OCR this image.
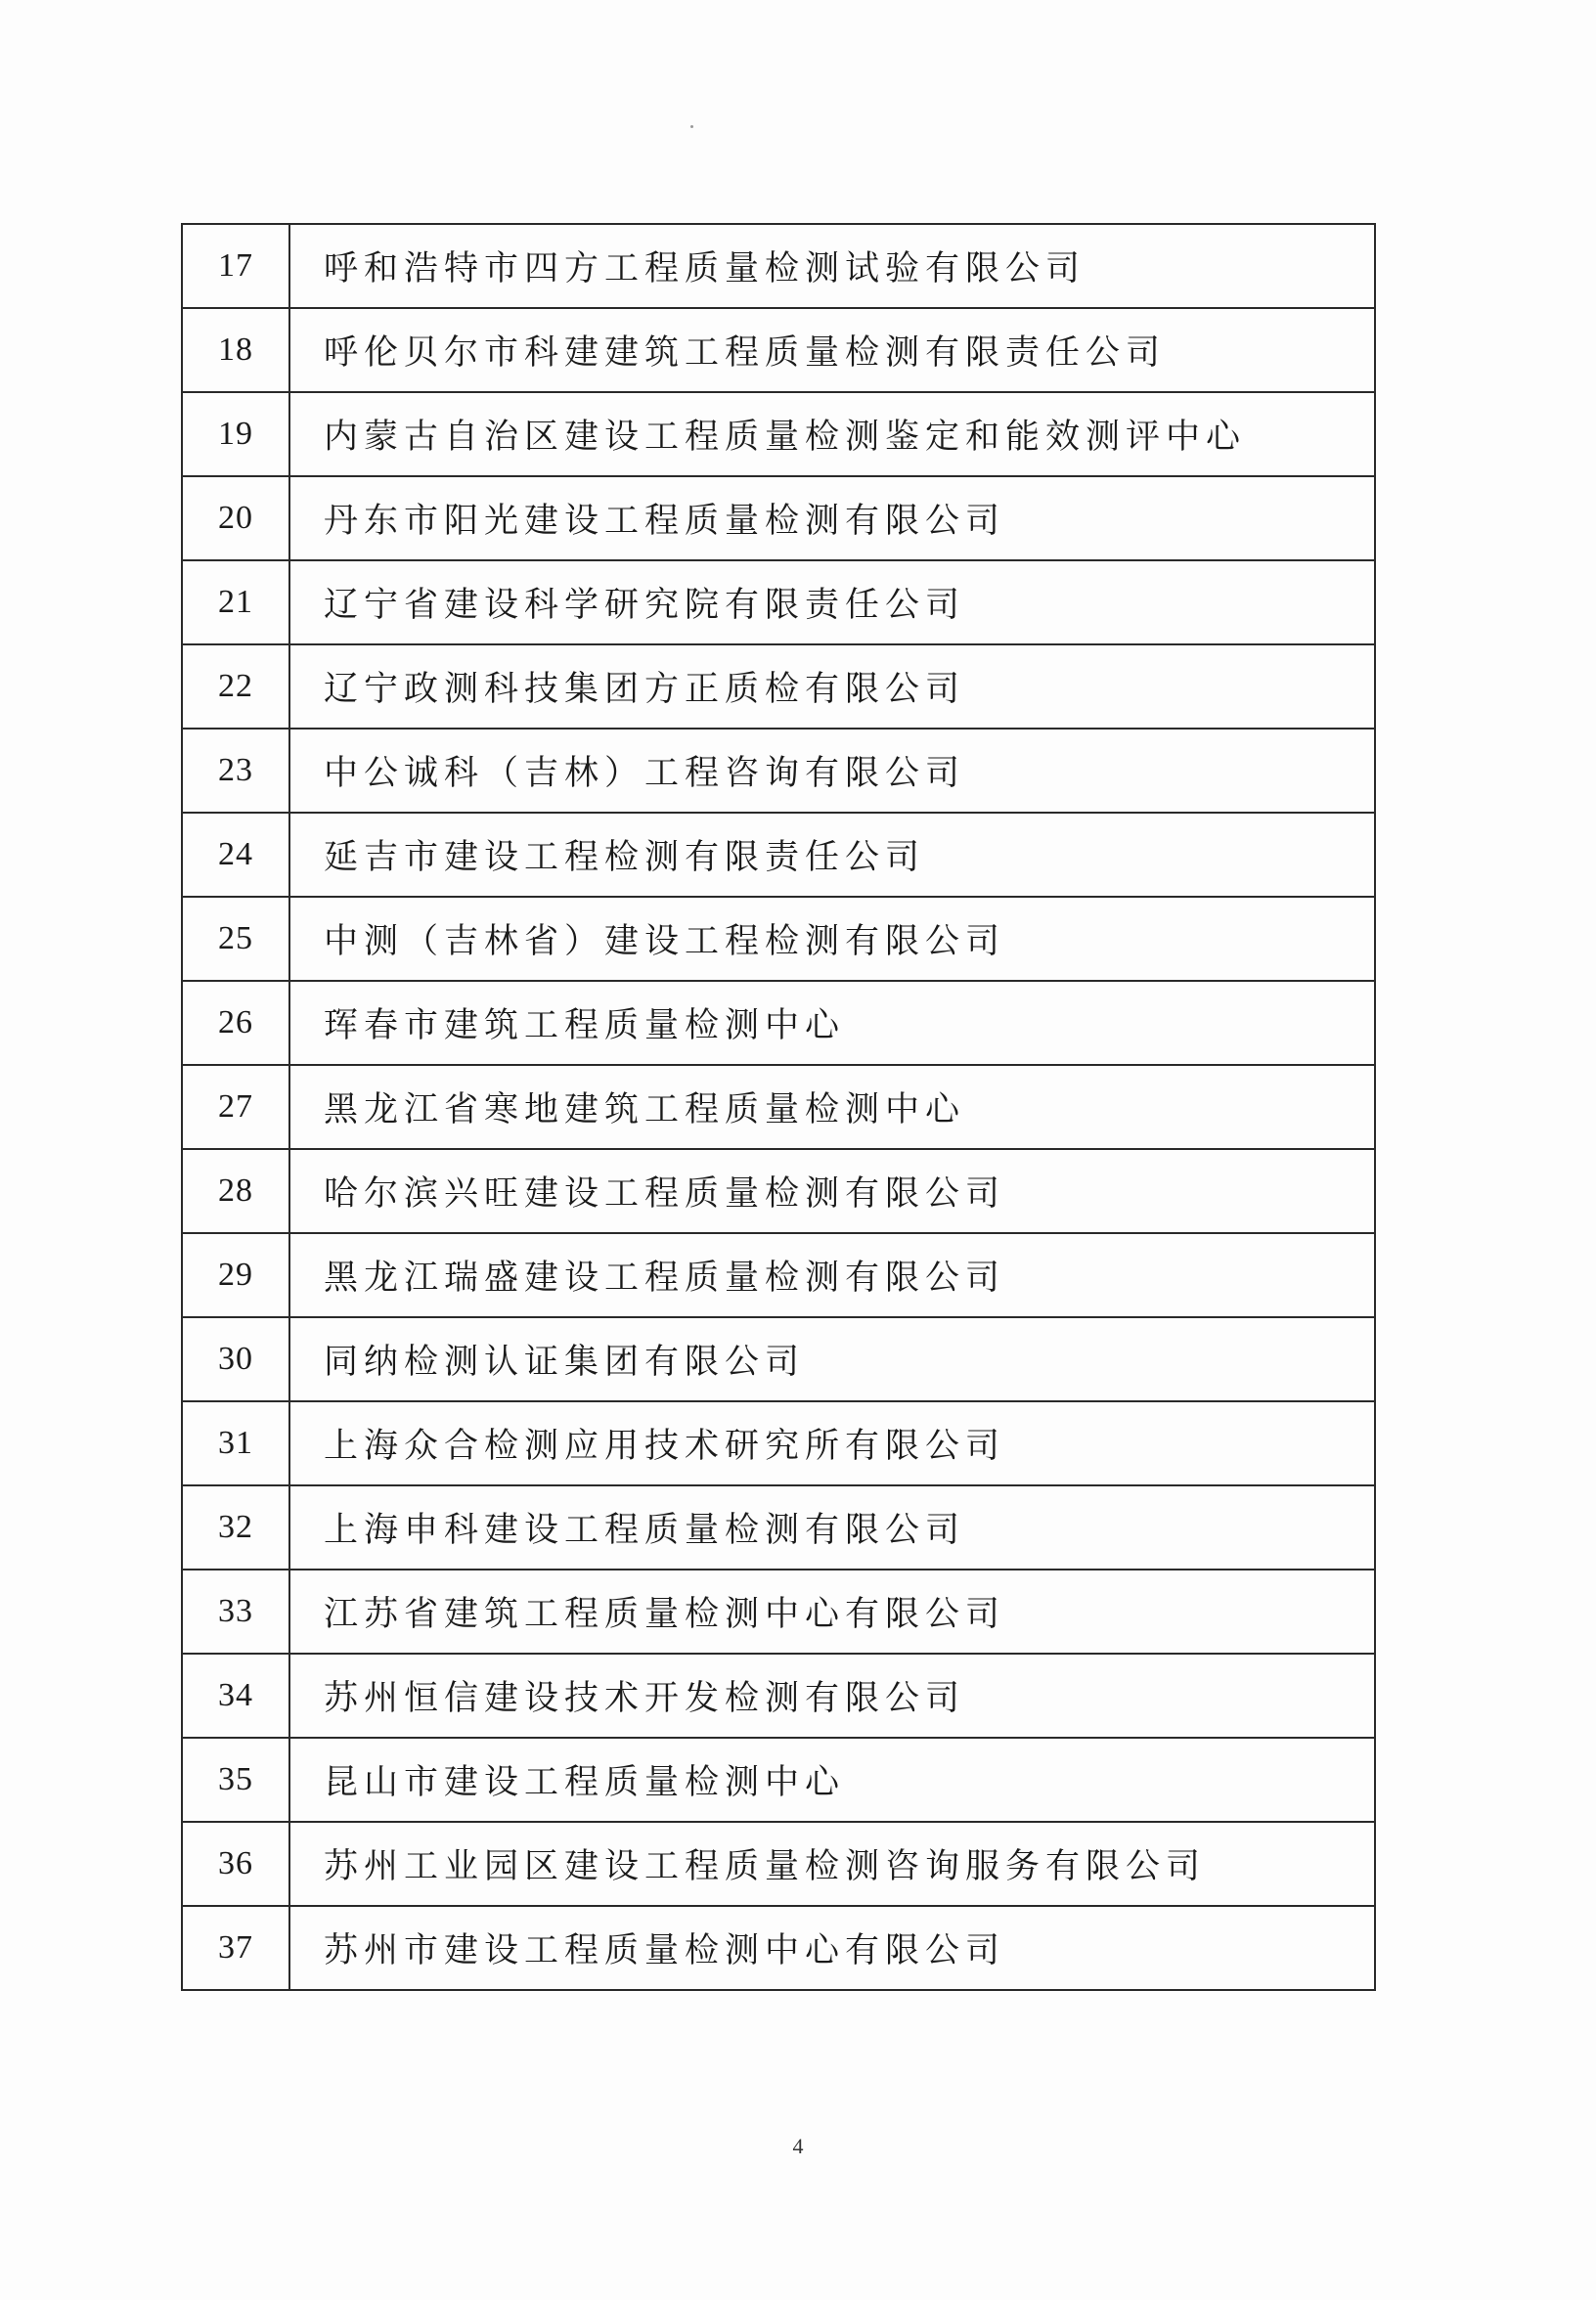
17	呼和浩特市四方工程质量检测试验有限公司
18	呼伦贝尔市科建建筑工程质量检测有限责任公司
19	内蒙古自治区建设工程质量检测鉴定和能效测评中心
20	丹东市阳光建设工程质量检测有限公司
21	辽宁省建设科学研究院有限责任公司
22	辽宁政测科技集团方正质检有限公司
23	中公诚科（吉林）工程咨询有限公司
24	延吉市建设工程检测有限责任公司
25	中测（吉林省）建设工程检测有限公司
26	珲春市建筑工程质量检测中心
27	黑龙江省寒地建筑工程质量检测中心
28	哈尔滨兴旺建设工程质量检测有限公司
29	黑龙江瑞盛建设工程质量检测有限公司
30	同纳检测认证集团有限公司
31	上海众合检测应用技术研究所有限公司
32	上海申科建设工程质量检测有限公司
33	江苏省建筑工程质量检测中心有限公司
34	苏州恒信建设技术开发检测有限公司
35	昆山市建设工程质量检测中心
36	苏州工业园区建设工程质量检测咨询服务有限公司
37	苏州市建设工程质量检测中心有限公司
4
